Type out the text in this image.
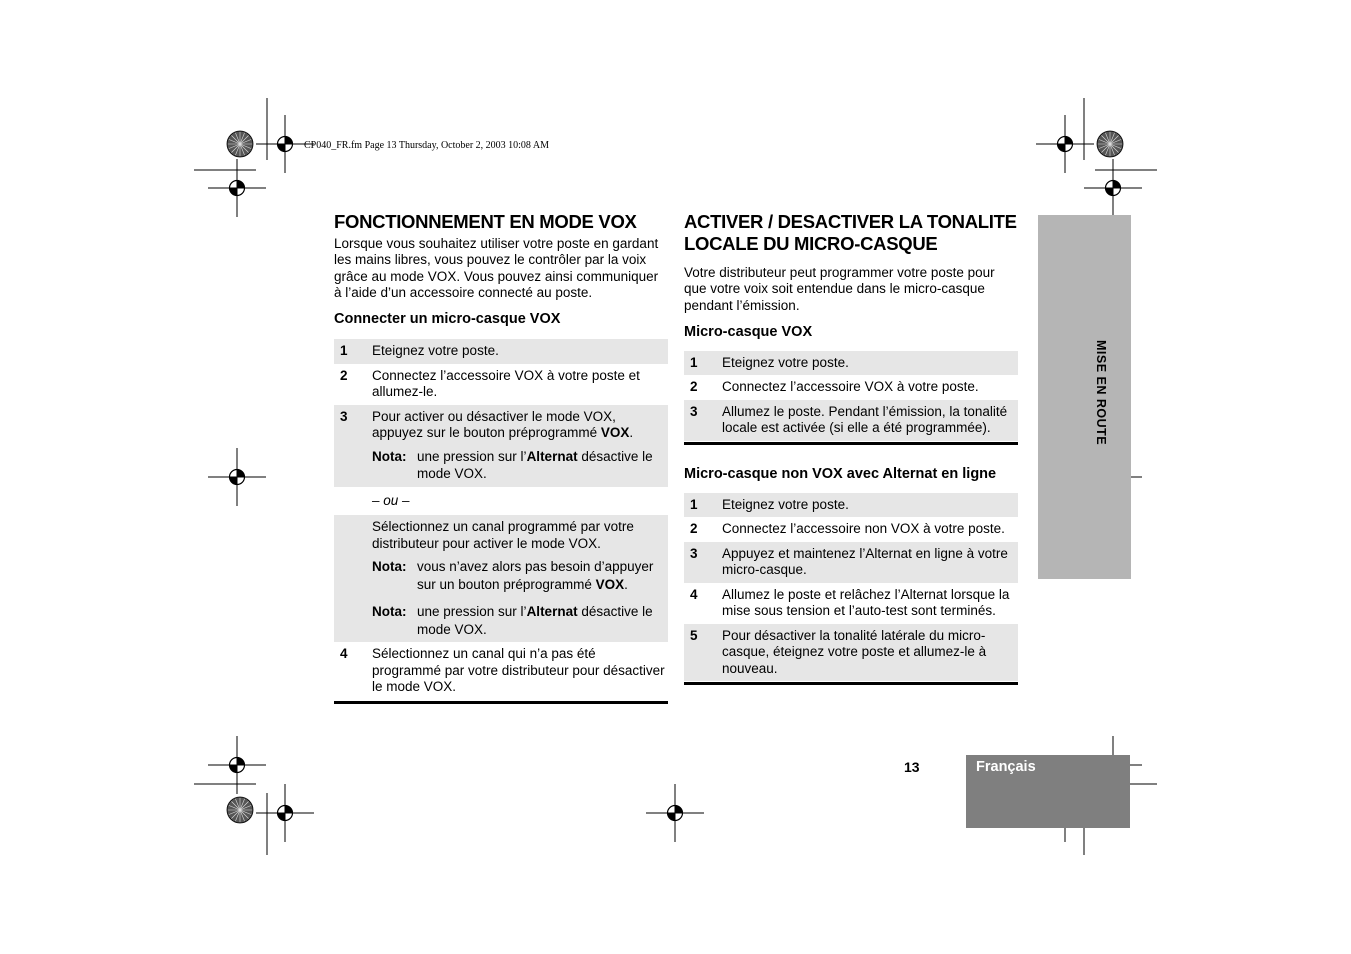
CP040_FR.fm Page 13 Thursday, October 2, 2003 10:08 AM
FONCTIONNEMENT EN MODE VOX

Lorsque vous souhaitez utiliser votre poste en gardant les mains libres, vous pouvez le contrôler par la voix grâce au mode VOX. Vous pouvez ainsi communiquer à l’aide d’un accessoire connecté au poste.

Connecter un micro-casque VOX
1	Eteignez votre poste.
2	Connectez l’accessoire VOX à votre poste et allumez-le.
3	Pour activer ou désactiver le mode VOX, appuyez sur le bouton préprogrammé VOX.
Nota: une pression sur l’Alternat désactive le mode VOX.

	– ou –

	Sélectionnez un canal programmé par votre distributeur pour activer le mode VOX.
Nota: vous n’avez alors pas besoin d’appuyer sur un bouton préprogrammé VOX.
Nota: une pression sur l’Alternat désactive le mode VOX.

4	Sélectionnez un canal qui n’a pas été programmé par votre distributeur pour désactiver le mode VOX.
ACTIVER / DESACTIVER LA TONALITE
LOCALE DU MICRO-CASQUE

Votre distributeur peut programmer votre poste pour que votre voix soit entendue dans le micro-casque pendant l’émission.

Micro-casque VOX
1	Eteignez votre poste.
2	Connectez l’accessoire VOX à votre poste.
3	Allumez le poste. Pendant l’émission, la tonalité locale est activée (si elle a été programmée).
Micro-casque non VOX avec Alternat en ligne
1	Eteignez votre poste.
2	Connectez l’accessoire non VOX à votre poste.
3	Appuyez et maintenez l’Alternat en ligne à votre micro-casque.
4	Allumez le poste et relâchez l’Alternat lorsque la mise sous tension et l’auto-test sont terminés.
5	Pour désactiver la tonalité latérale du micro-casque, éteignez votre poste et allumez-le à nouveau.
MISE EN ROUTE
13	Français
